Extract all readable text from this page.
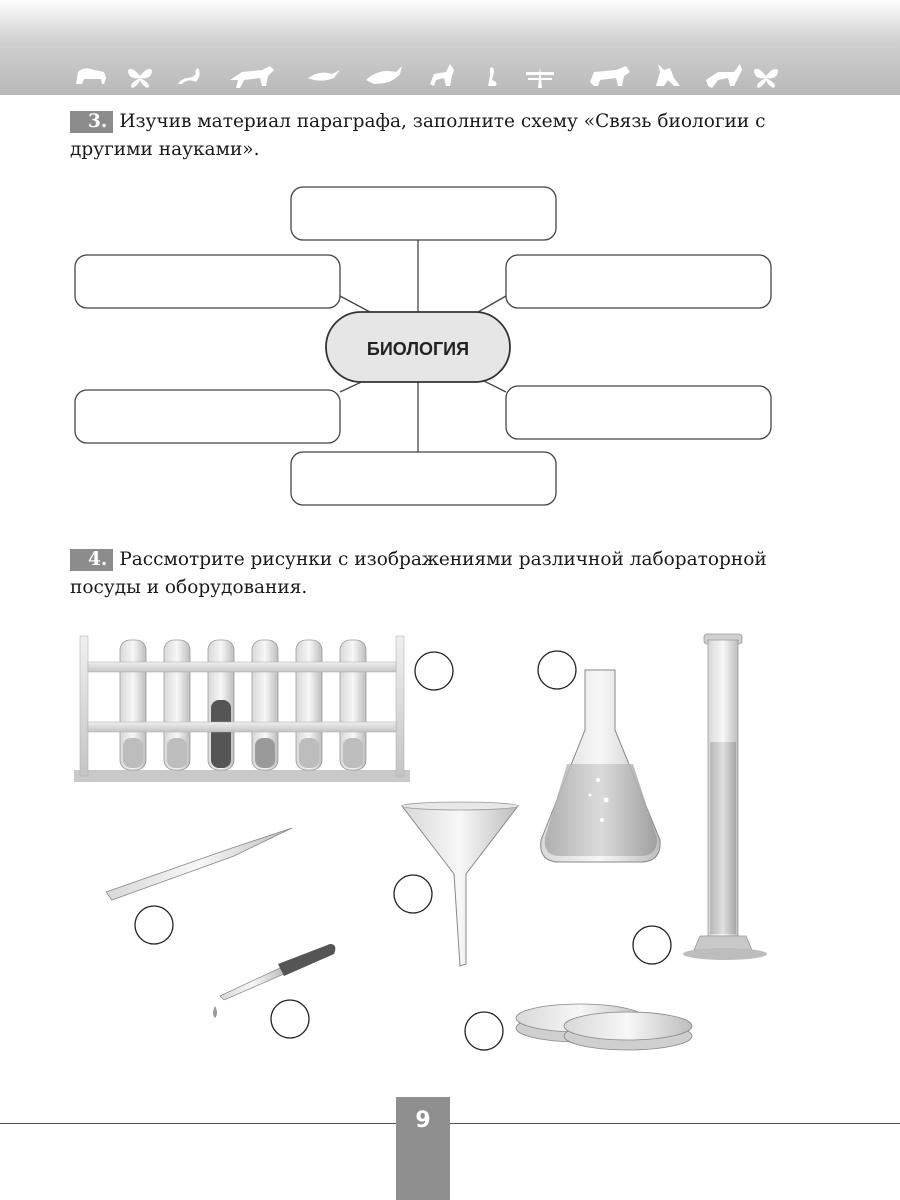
3. Изучив материал параграфа, заполните схему «Связь биологии с другими науками».
БИОЛОГИЯ
4. Рассмотрите рисунки с изображениями различной лабораторной посуды и оборудования.
9
